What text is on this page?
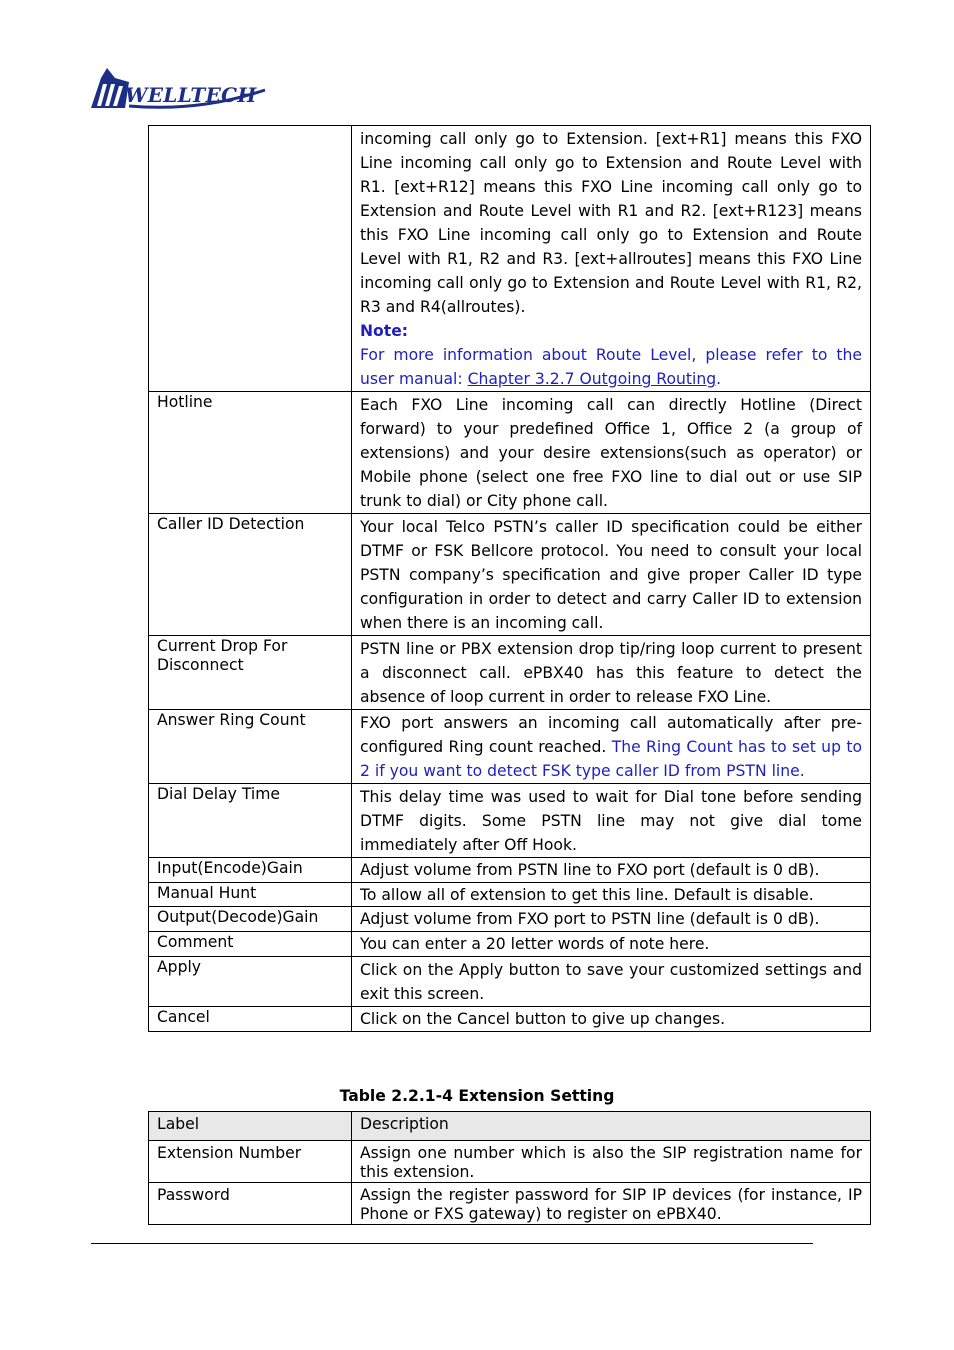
WELLTECH
	incoming call only go to Extension. [ext+R1] means this FXO Line incoming call only go to Extension and Route Level with R1. [ext+R12] means this FXO Line incoming call only go to Extension and Route Level with R1 and R2. [ext+R123] means this FXO Line incoming call only go to Extension and Route Level with R1, R2 and R3. [ext+allroutes] means this FXO Line incoming call only go to Extension and Route Level with R1, R2, R3 and R4(allroutes).
Note:
For more information about Route Level, please refer to the user manual: Chapter 3.2.7 Outgoing Routing.
Hotline	Each FXO Line incoming call can directly Hotline (Direct forward) to your predefined Office 1, Office 2 (a group of extensions) and your desire extensions(such as operator) or Mobile phone (select one free FXO line to dial out or use SIP trunk to dial) or City phone call.
Caller ID Detection	Your local Telco PSTN’s caller ID specification could be either DTMF or FSK Bellcore protocol. You need to consult your local PSTN company’s specification and give proper Caller ID type configuration in order to detect and carry Caller ID to extension when there is an incoming call.
Current Drop For Disconnect	PSTN line or PBX extension drop tip/ring loop current to present a disconnect call. ePBX40 has this feature to detect the absence of loop current in order to release FXO Line.
Answer Ring Count	FXO port answers an incoming call automatically after pre-configured Ring count reached. The Ring Count has to set up to 2 if you want to detect FSK type caller ID from PSTN line.
Dial Delay Time	This delay time was used to wait for Dial tone before sending DTMF digits. Some PSTN line may not give dial tome immediately after Off Hook.
Input(Encode)Gain	Adjust volume from PSTN line to FXO port (default is 0 dB).
Manual Hunt	To allow all of extension to get this line. Default is disable.
Output(Decode)Gain	Adjust volume from FXO port to PSTN line (default is 0 dB).
Comment	You can enter a 20 letter words of note here.
Apply	Click on the Apply button to save your customized settings and exit this screen.
Cancel	Click on the Cancel button to give up changes.
Table 2.2.1-4 Extension Setting
Label	Description
Extension Number	Assign one number which is also the SIP registration name for this extension.
Password	Assign the register password for SIP IP devices (for instance, IP Phone or FXS gateway) to register on ePBX40.
